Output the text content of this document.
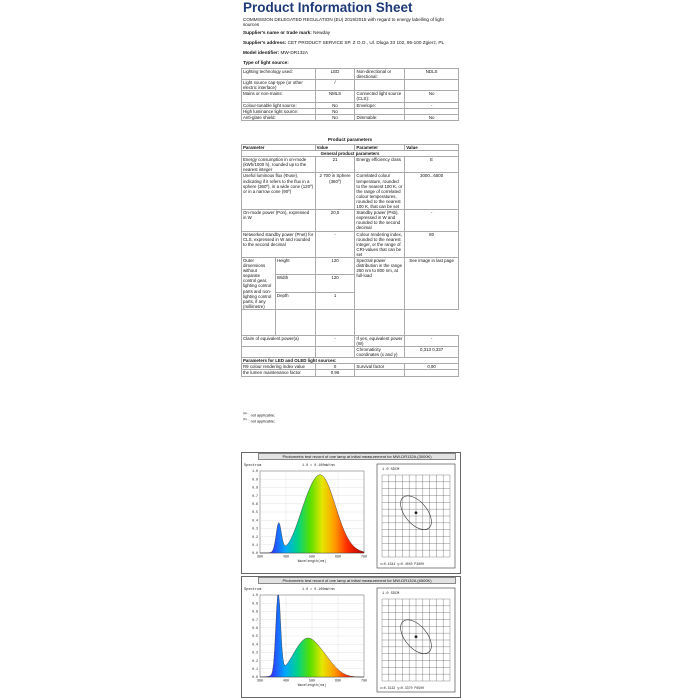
Product Information Sheet
COMMISSION DELEGATED REGULATION (EU) 2019/2015 with regard to energy labelling of light sources
Supplier's name or trade mark: Newday
Supplier's address: CET PRODUCT SERVICE SP. Z O.O., Ul. Dluga 33 102, 95-100 Zgierz, PL
Model identifier: MW-DR132A
Type of light source:
Lighting technology used:	LED	Non-directional or directional:	NDLS
Light source cap-type (or other electric interface)	/		
Mains or non-mains:	NMLS	Connected light source (CLS):	No
Colour-tunable light source:	No	Envelope:	-
High luminance light source:	No		
Anti-glare shield:	No	Dimmable:	No
Product parameters
Parameter		Value	Parameter	Value
General product parameters				
Energy consumption in on-mode (kWh/1000 h), rounded up to the nearest integer		21	Energy efficiency class	E
Useful luminous flux (Φuse), indicating if it refers to the flux in a sphere (360º), in a wide cone (120º) or in a narrow cone (90º)		2 700 in Sphere (360º)	Correlated colour temperature, rounded to the nearest 100 K, or the range of correlated colour temperatures, rounded to the nearest 100 K, that can be set	3000...6500
On-mode power (Pon), expressed in W		20,5	Standby power (Psb), expressed in W and rounded to the second decimal	-
Networked standby power (Pnet) for CLS, expressed in W and rounded to the second decimal		-	Colour rendering index, rounded to the nearest integer, or the range of CRI-values that can be set	80
Outer dimensions without separate control gear, lighting control parts and non-lighting control parts, if any (millimetre)	Height	120	Spectral power distribution in the range 250 nm to 800 nm, at full-load	See image in last page
	Width	120		
	Depth	1		

Claim of equivalent power(a)		-	If yes, equivalent power (W)	-
			Chromaticity coordinates (x and y)	0,313 0,337
Parameters for LED and OLED light sources:				
R9 colour rendering index value		0	Survival factor	0,90
the lumen maintenance factor		0,96		
$^{(a) -}$: not applicable;
$^{(b) -}$: not applicable;
Photometric test record of one lamp at initial measurement for MW-DR132A (3000K)
Spectrum	1.0 = 0.100mW/nm
1.0
0.9
0.8
0.7
0.6
0.5
0.4
0.3
0.2
0.1
0.0
380	480	580	680	780
Wavelength(nm)
1.0 SDCM
x=0.4344 y=0.4050 P3000
Photometric test record of one lamp at initial measurement for MW-DR132A (6500K)
Spectrum	1.0 = 0.100mW/nm
1.0
0.9
0.8
0.7
0.6
0.5
0.4
0.3
0.2
0.1
0.0
380	480	580	680	780
Wavelength(nm)
1.0 SDCM
x=0.3132 y=0.3370 P6500
